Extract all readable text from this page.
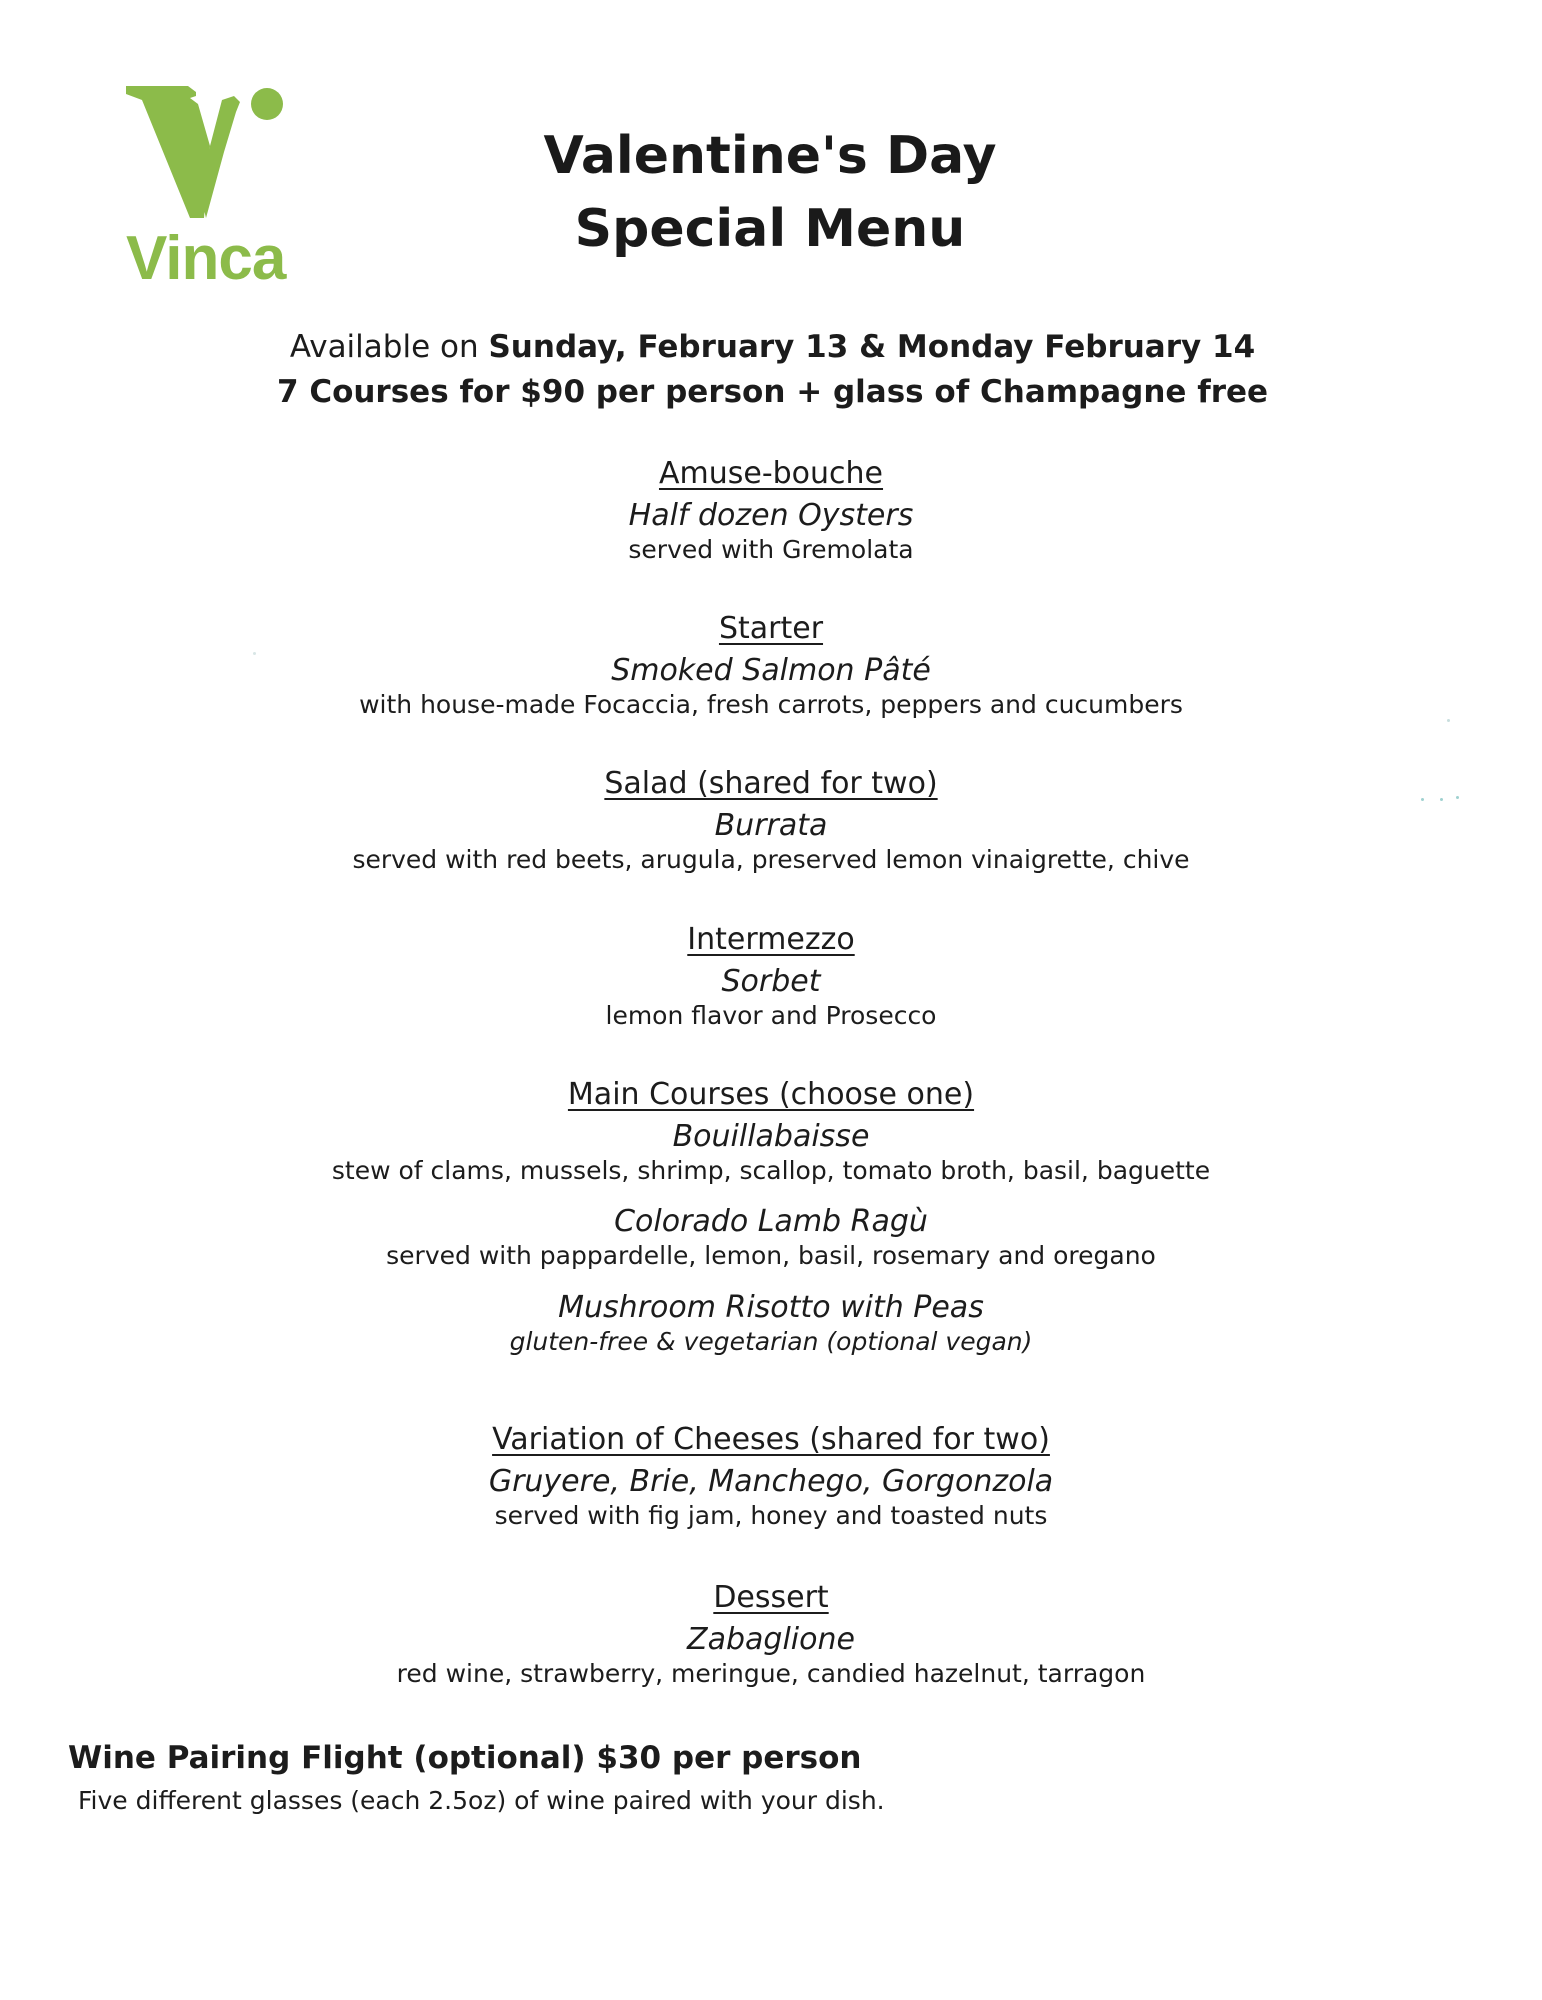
Vinca
Valentine's Day
Special Menu
Available on Sunday, February 13 & Monday February 14
7 Courses for $90 per person + glass of Champagne free
Amuse-bouche
Half dozen Oysters
served with Gremolata
Starter
Smoked Salmon Pâté
with house-made Focaccia, fresh carrots, peppers and cucumbers
Salad (shared for two)
Burrata
served with red beets, arugula, preserved lemon vinaigrette, chive
Intermezzo
Sorbet
lemon flavor and Prosecco
Main Courses (choose one)
Bouillabaisse
stew of clams, mussels, shrimp, scallop, tomato broth, basil, baguette
Colorado Lamb Ragù
served with pappardelle, lemon, basil, rosemary and oregano
Mushroom Risotto with Peas
gluten-free & vegetarian (optional vegan)
Variation of Cheeses (shared for two)
Gruyere, Brie, Manchego, Gorgonzola
served with fig jam, honey and toasted nuts
Dessert
Zabaglione
red wine, strawberry, meringue, candied hazelnut, tarragon
Wine Pairing Flight (optional) $30 per person
Five different glasses (each 2.5oz) of wine paired with your dish.
